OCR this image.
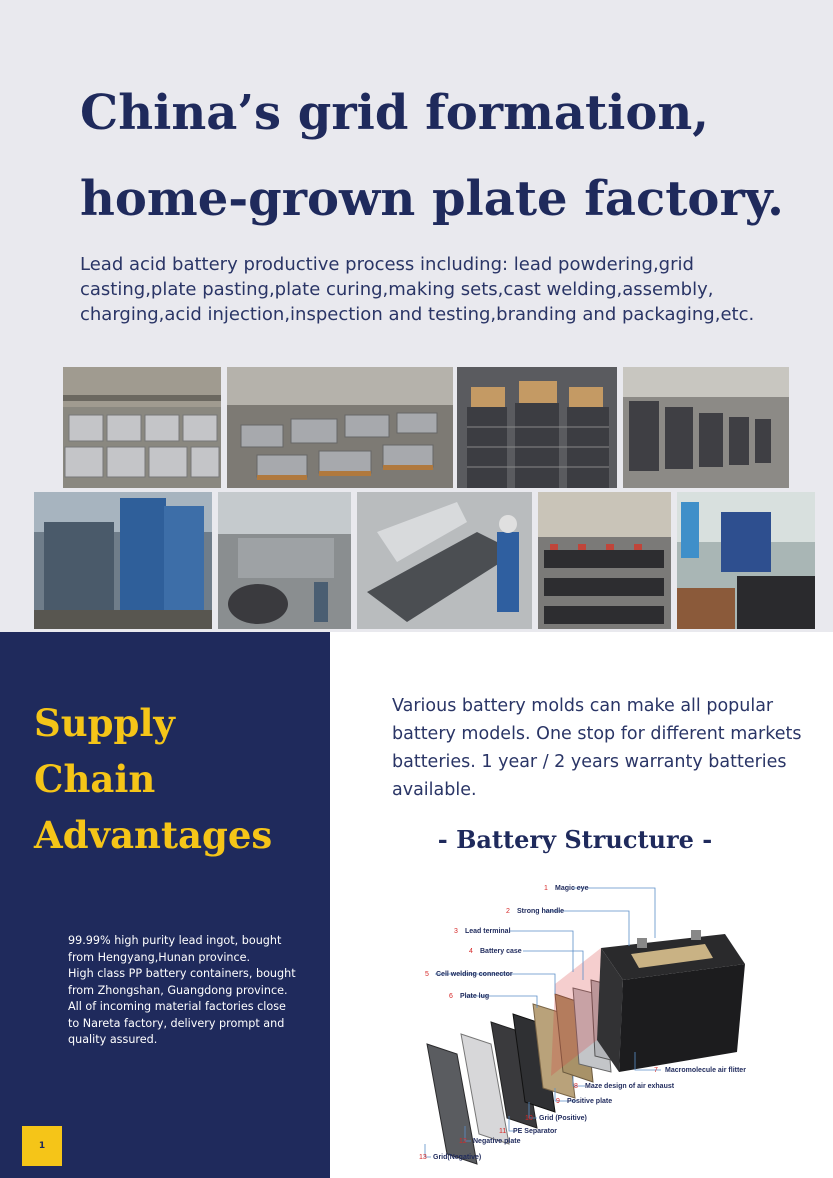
China’s grid formation,
home-grown plate factory.

Lead acid battery productive process including: lead powdering,grid casting,plate pasting,plate curing,making sets,cast welding,assembly, charging,acid injection,inspection and testing,branding and packaging,etc.

Supply
Chain
Advantages
99.99% high purity lead ingot, bought from Hengyang,Hunan province.
High class PP battery containers, bought from Zhongshan, Guangdong province.
All of incoming material factories close to Nareta factory, delivery prompt and quality assured.
1

Various battery molds can make all popular battery models. One stop for different markets batteries. 1 year / 2 years warranty batteries available.

- Battery Structure -
1 Magic eye
2 Strong handle
3 Lead terminal
4 Battery case
5 Cell welding connector
6 Plate lug
7 Macromolecule air flitter
8 Maze design of air exhaust
9 Positive plate
10 Grid (Positive)
11 PE Separator
12 Negative plate
13 Grid(Negative)
